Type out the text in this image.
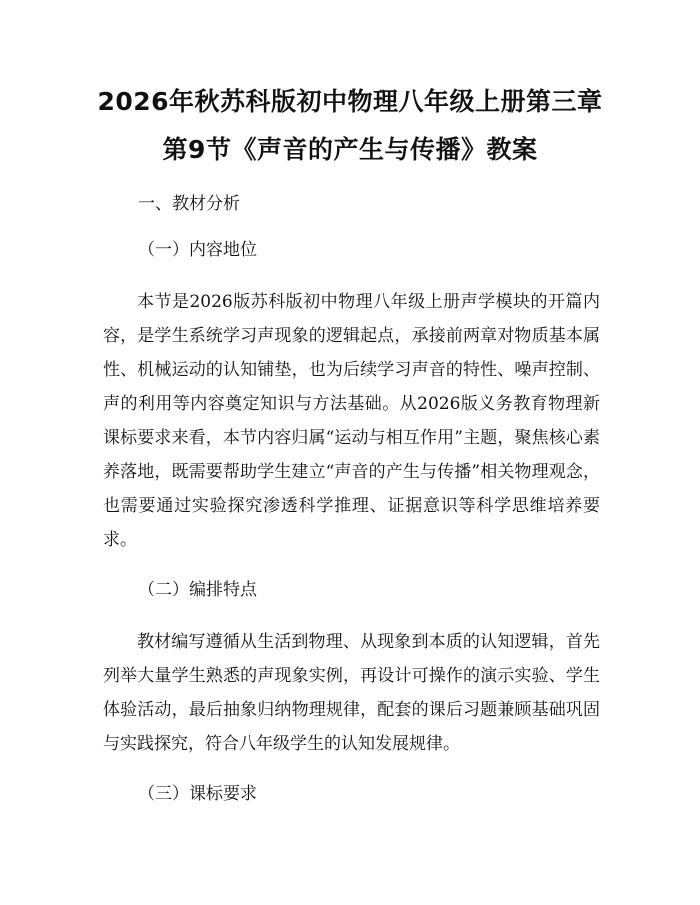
2026年秋苏科版初中物理八年级上册第三章
第9节《声音的产生与传播》教案
一、教材分析
（一）内容地位
本节是2026版苏科版初中物理八年级上册声学模块的开篇内容，是学生系统学习声现象的逻辑起点，承接前两章对物质基本属性、机械运动的认知铺垫，也为后续学习声音的特性、噪声控制、声的利用等内容奠定知识与方法基础。从2026版义务教育物理新课标要求来看，本节内容归属“运动与相互作用”主题，聚焦核心素养落地，既需要帮助学生建立“声音的产生与传播”相关物理观念，也需要通过实验探究渗透科学推理、证据意识等科学思维培养要求。
（二）编排特点
教材编写遵循从生活到物理、从现象到本质的认知逻辑，首先列举大量学生熟悉的声现象实例，再设计可操作的演示实验、学生体验活动，最后抽象归纳物理规律，配套的课后习题兼顾基础巩固与实践探究，符合八年级学生的认知发展规律。
（三）课标要求
